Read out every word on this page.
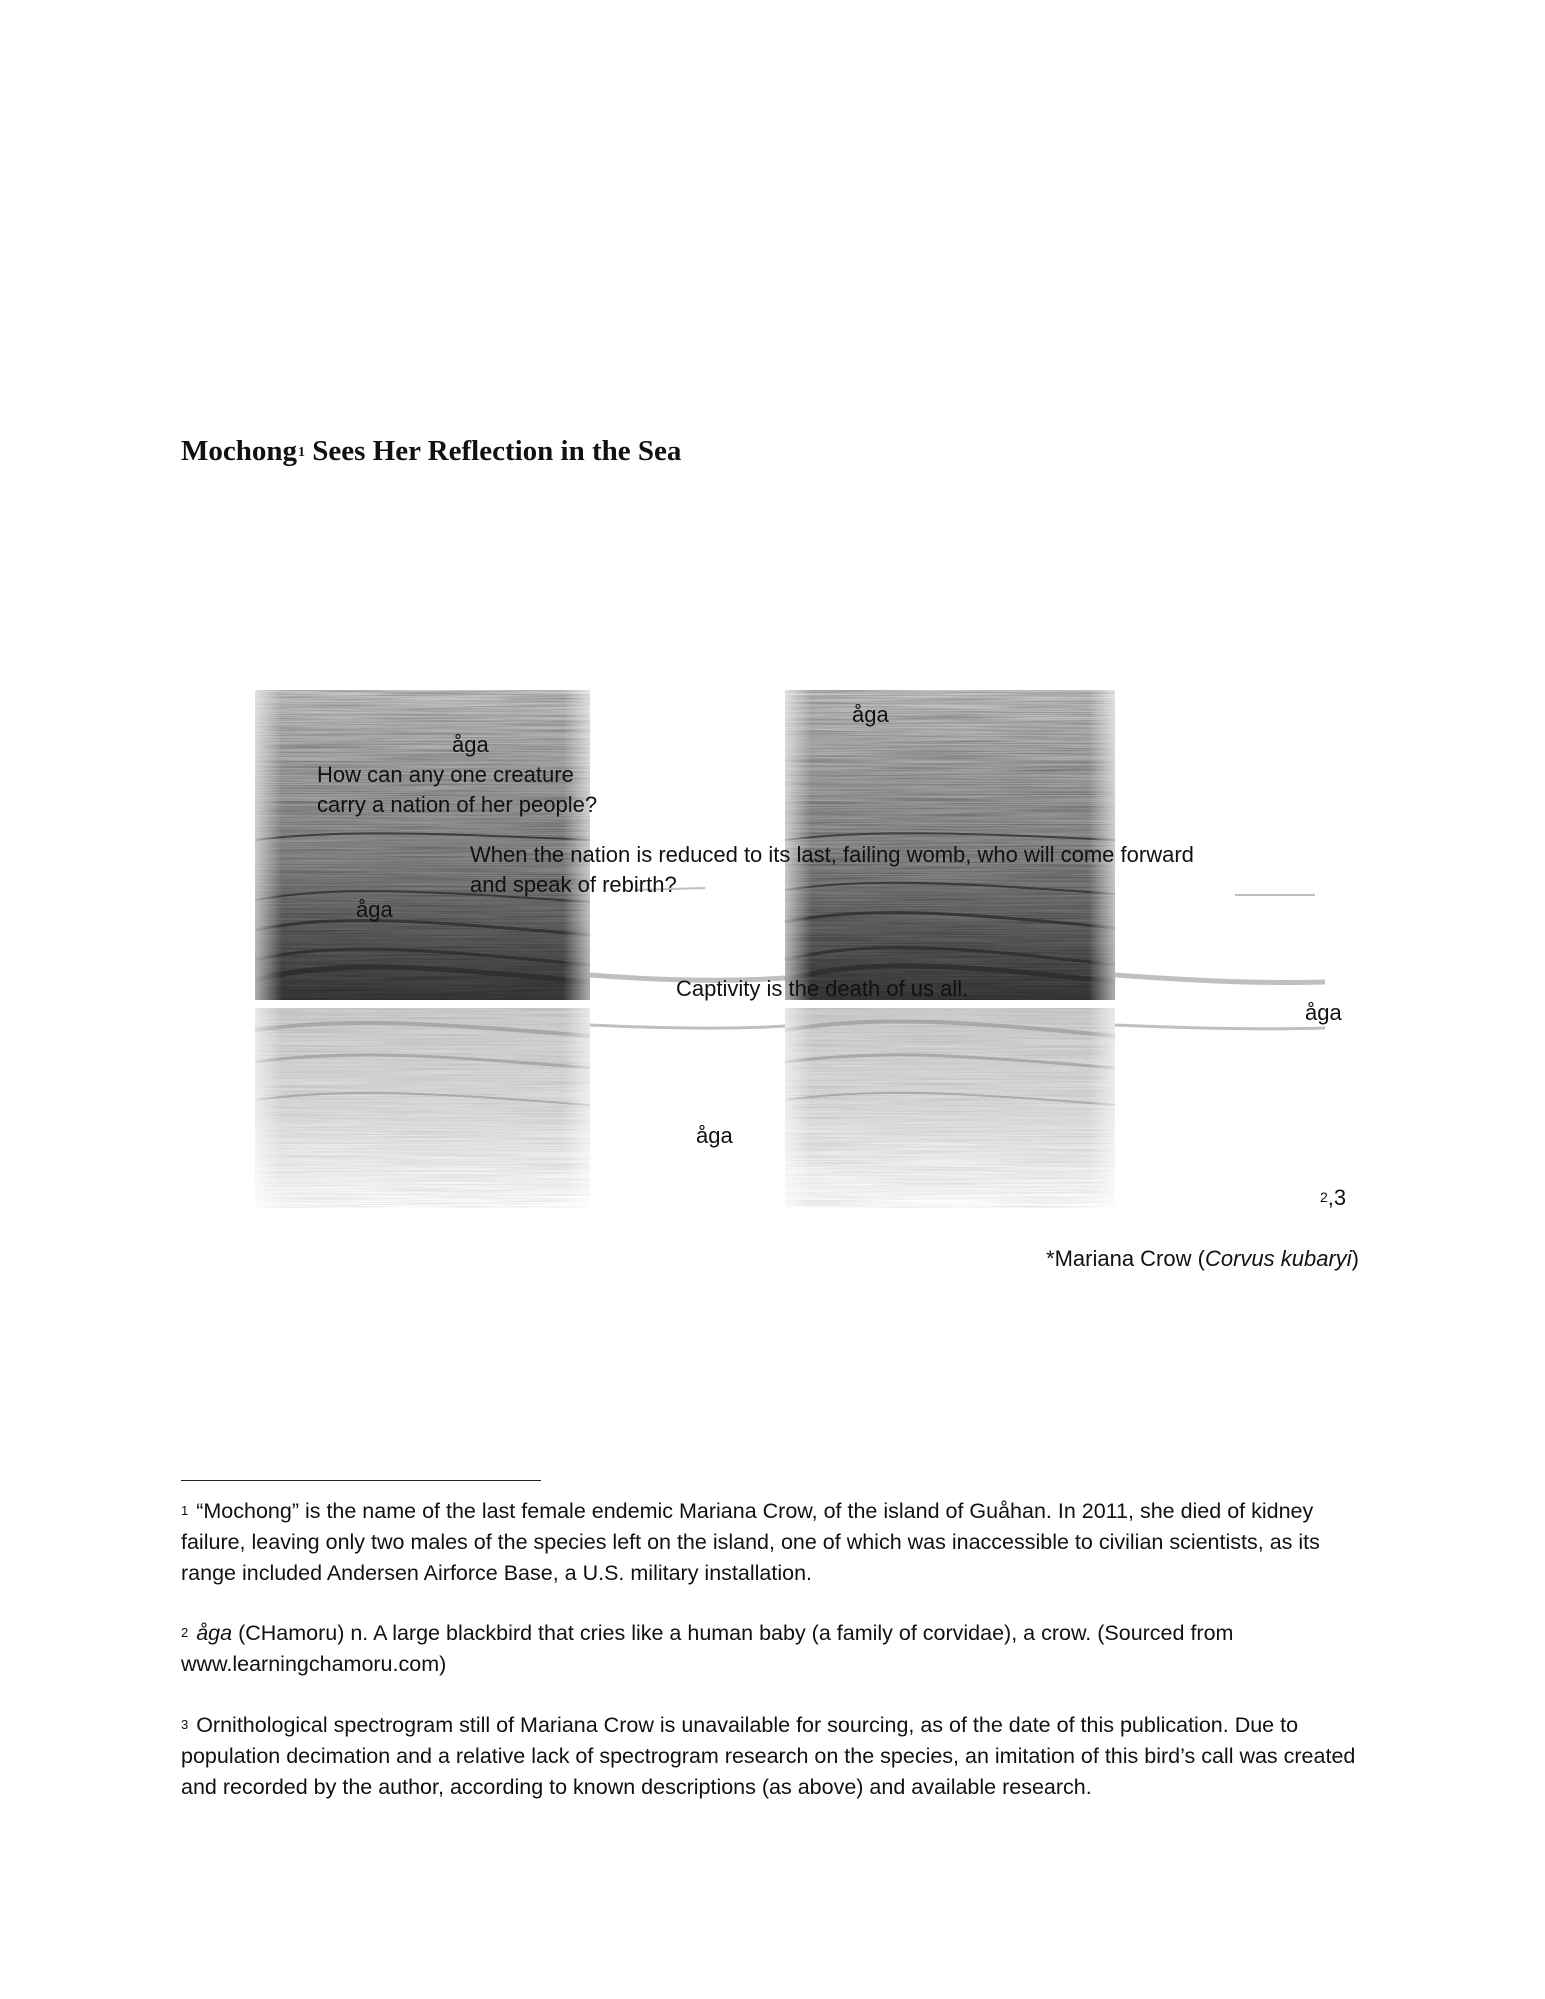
Mochong$^1$ Sees Her Reflection in the Sea

åga

åga

How can any one creature

carry a nation of her people?

When the nation is reduced to its last, failing womb, who will come forward

and speak of rebirth?

åga

Captivity is the death of us all.

åga

åga

$^2$,3
*Mariana Crow (Corvus kubaryi)

$^1$ “Mochong” is the name of the last female endemic Mariana Crow, of the island of Guåhan. In 2011, she died of kidney failure, leaving only two males of the species left on the island, one of which was inaccessible to civilian scientists, as its range included Andersen Airforce Base, a U.S. military installation.

$^2$ åga (CHamoru) n. A large blackbird that cries like a human baby (a family of corvidae), a crow. (Sourced from www.learningchamoru.com)

$^3$ Ornithological spectrogram still of Mariana Crow is unavailable for sourcing, as of the date of this publication. Due to population decimation and a relative lack of spectrogram research on the species, an imitation of this bird’s call was created and recorded by the author, according to known descriptions (as above) and available research.
